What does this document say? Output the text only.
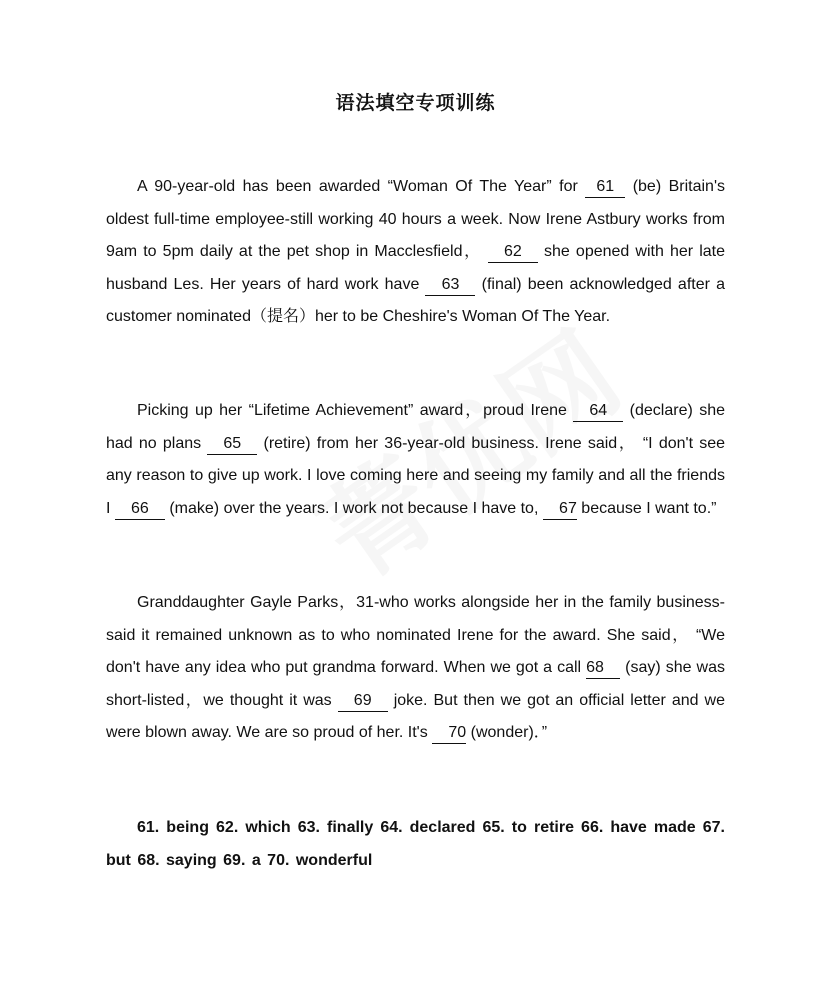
语法填空专项训练

A 90-year-old has been awarded “Woman Of The Year” for 61 (be) Britain's oldest full-time employee-still working 40 hours a week. Now Irene Astbury works from 9am to 5pm daily at the pet shop in Macclesfield， 62 she opened with her late husband Les. Her years of hard work have 63 (final) been acknowledged after a customer nominated（提名）her to be Cheshire's Woman Of The Year.

Picking up her “Lifetime Achievement” award，proud Irene 64 (declare) she had no plans 65 (retire) from her 36-year-old business. Irene said， “I don't see any reason to give up work. I love coming here and seeing my family and all the friends I 66 (make) over the years. I work not because I have to, 67 because I want to.”

Granddaughter Gayle Parks，31-who works alongside her in the family business-said it remained unknown as to who nominated Irene for the award. She said， “We don't have any idea who put grandma forward. When we got a call 68 (say) she was short-listed，we thought it was 69 joke. But then we got an official letter and we were blown away. We are so proud of her. It's 70 (wonder)．”

61. being 62. which 63. finally 64. declared 65. to retire 66. have made 67. but 68. saying 69. a 70. wonderful
